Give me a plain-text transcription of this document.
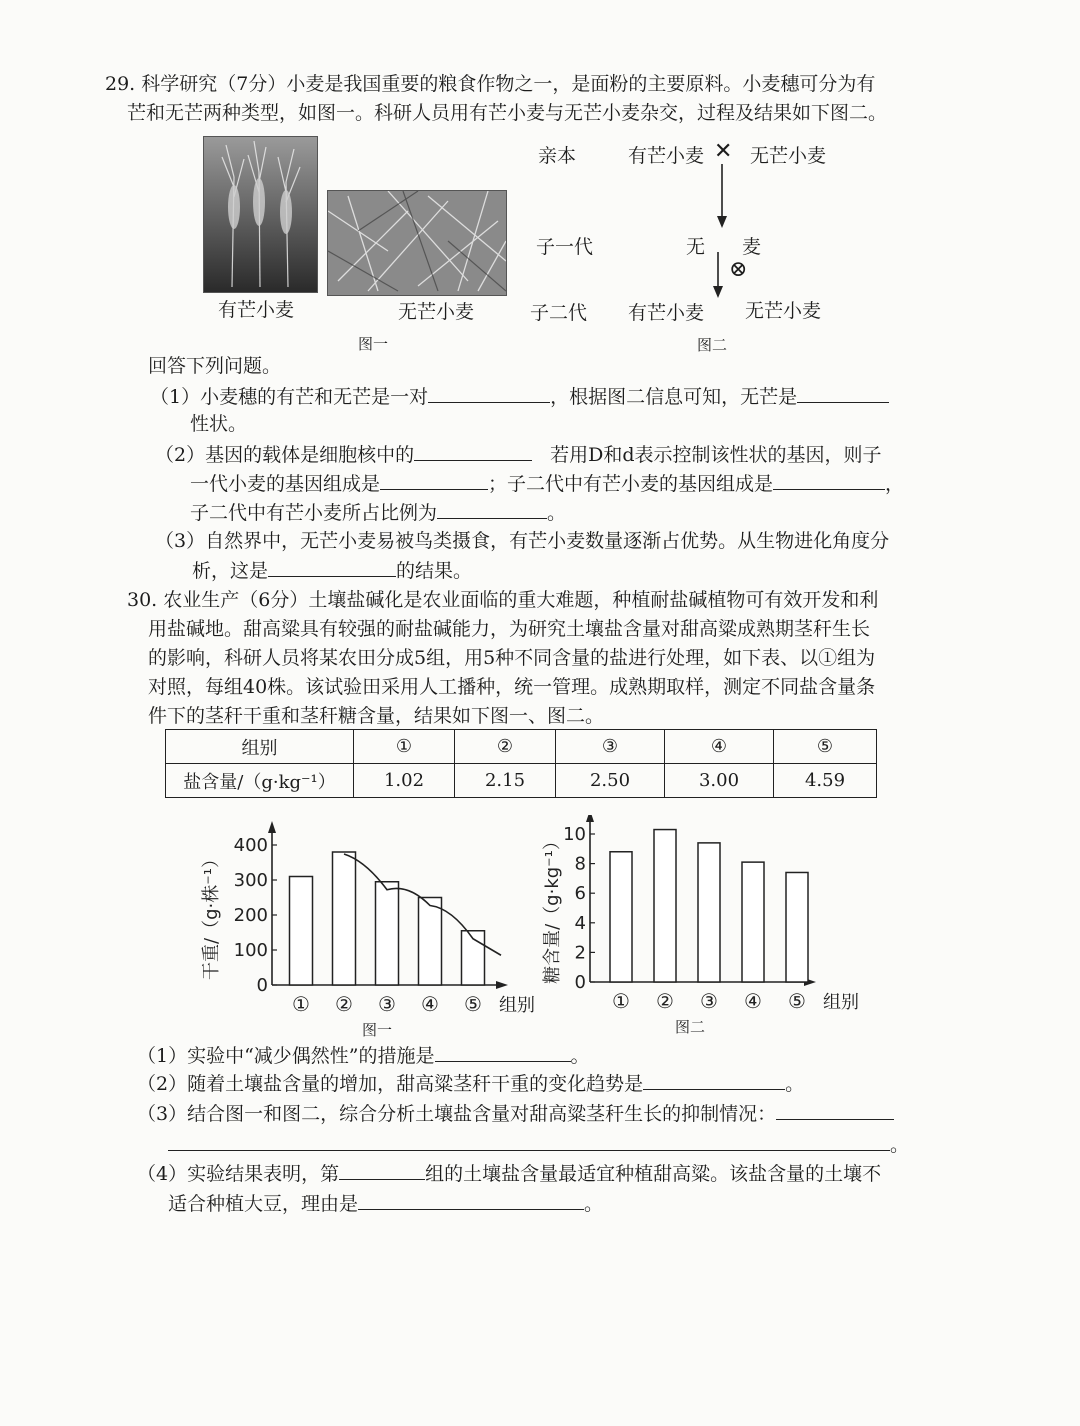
29. 科学研究（7分）小麦是我国重要的粮食作物之一，是面粉的主要原料。小麦穗可分为有
芒和无芒两种类型，如图一。科研人员用有芒小麦与无芒小麦杂交，过程及结果如下图二。
有芒小麦	无芒小麦
图一
亲本	有芒小麦 ✕ 无芒小麦
子一代	无 麦
⊗
子二代 有芒小麦 无芒小麦
图二
回答下列问题。
（1）小麦穗的有芒和无芒是一对	，根据图二信息可知，无芒是
性状。
（2）基因的载体是细胞核中的	若用D和d表示控制该性状的基因，则子
一代小麦的基因组成是	；子二代中有芒小麦的基因组成是	，
子二代中有芒小麦所占比例为	。
（3）自然界中，无芒小麦易被鸟类摄食，有芒小麦数量逐渐占优势。从生物进化角度分
析，这是	的结果。
30. 农业生产（6分）土壤盐碱化是农业面临的重大难题，种植耐盐碱植物可有效开发和利
用盐碱地。甜高粱具有较强的耐盐碱能力，为研究土壤盐含量对甜高粱成熟期茎秆生长
的影响，科研人员将某农田分成5组，用5种不同含量的盐进行处理，如下表、以①组为
对照，每组40株。该试验田采用人工播种，统一管理。成熟期取样，测定不同盐含量条
件下的茎秆干重和茎秆糖含量，结果如下图一、图二。
组别	①	②	③	④	⑤
盐含量/（g·kg⁻¹）	1.02	2.15	2.50	3.00	4.59
0
100
200
300
400
① ② ③ ④ ⑤ 组别
干重/（g·株⁻¹）
图一
0
2
4
6
8
10
① ② ③ ④ ⑤ 组别
糖含量/（g·kg⁻¹）
图二
（1）实验中“减少偶然性”的措施是	。
（2）随着土壤盐含量的增加，甜高粱茎秆干重的变化趋势是	。
（3）结合图一和图二，综合分析土壤盐含量对甜高粱茎秆生长的抑制情况：
。
（4）实验结果表明，第	组的土壤盐含量最适宜种植甜高粱。该盐含量的土壤不
适合种植大豆，理由是	。
